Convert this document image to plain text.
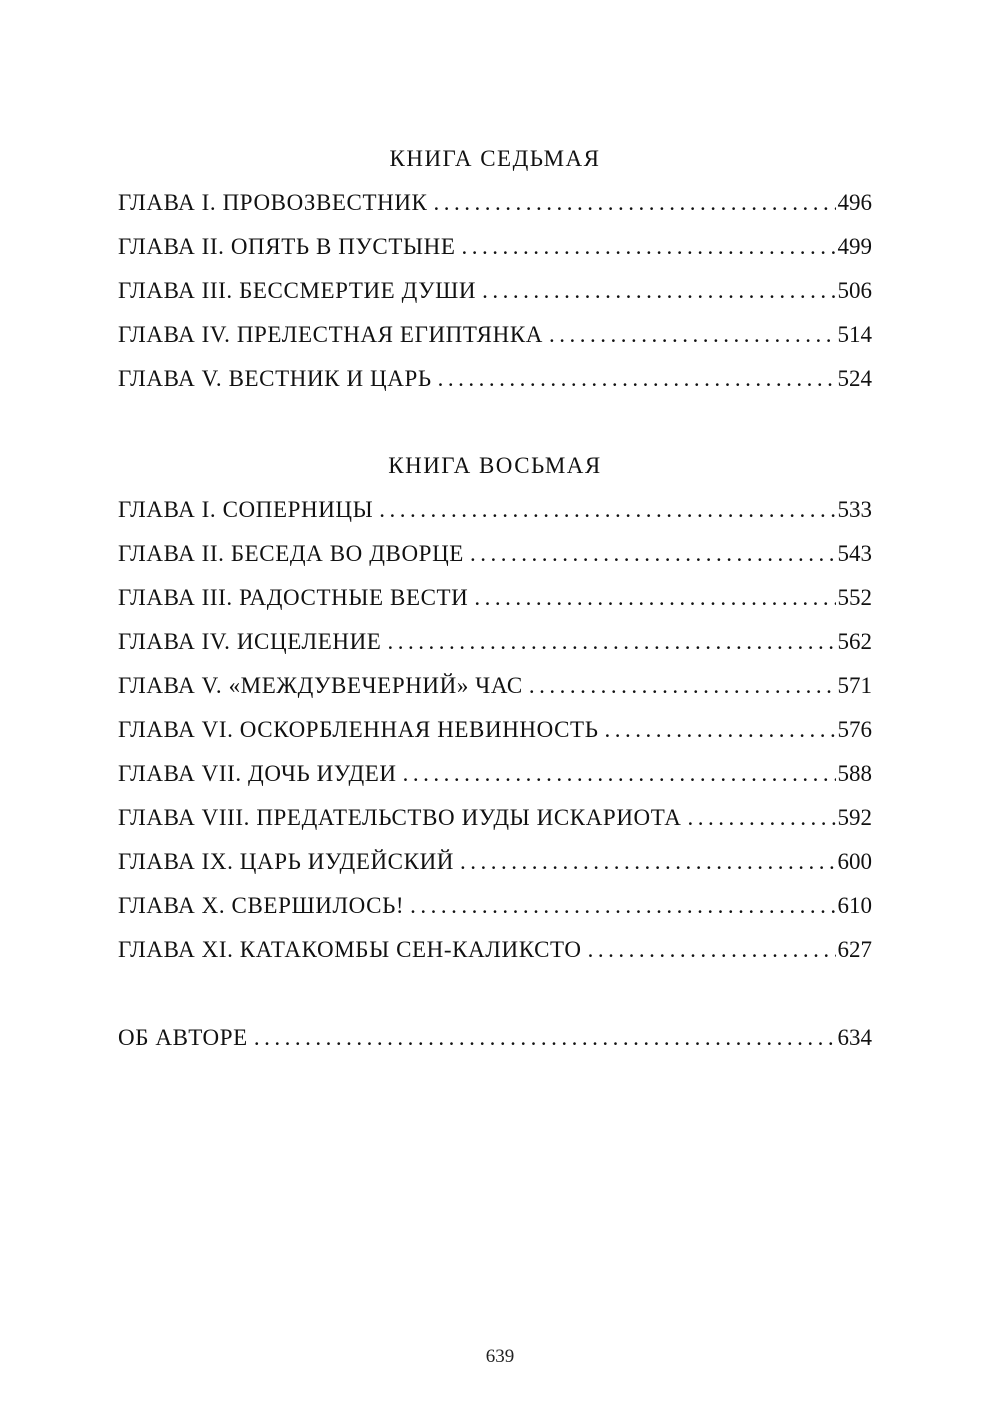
КНИГА СЕДЬМАЯ
ГЛАВА I. ПРОВОЗВЕСТНИК .....	496
ГЛАВА II. ОПЯТЬ В ПУСТЫНЕ .....	499
ГЛАВА III. БЕССМЕРТИЕ ДУШИ .....	506
ГЛАВА IV. ПРЕЛЕСТНАЯ ЕГИПТЯНКА .....	514
ГЛАВА V. ВЕСТНИК И ЦАРЬ .....	524
КНИГА ВОСЬМАЯ
ГЛАВА I. СОПЕРНИЦЫ .....	533
ГЛАВА II. БЕСЕДА ВО ДВОРЦЕ .....	543
ГЛАВА III. РАДОСТНЫЕ ВЕСТИ .....	552
ГЛАВА IV. ИСЦЕЛЕНИЕ .....	562
ГЛАВА V. «МЕЖДУВЕЧЕРНИЙ» ЧАС .....	571
ГЛАВА VI. ОСКОРБЛЕННАЯ НЕВИННОСТЬ .....	576
ГЛАВА VII. ДОЧЬ ИУДЕИ .....	588
ГЛАВА VIII. ПРЕДАТЕЛЬСТВО ИУДЫ ИСКАРИОТА .....	592
ГЛАВА IX. ЦАРЬ ИУДЕЙСКИЙ .....	600
ГЛАВА X. СВЕРШИЛОСЬ! .....	610
ГЛАВА XI. КАТАКОМБЫ СЕН-КАЛИКСТО .....	627
ОБ АВТОРЕ .....	634
639
